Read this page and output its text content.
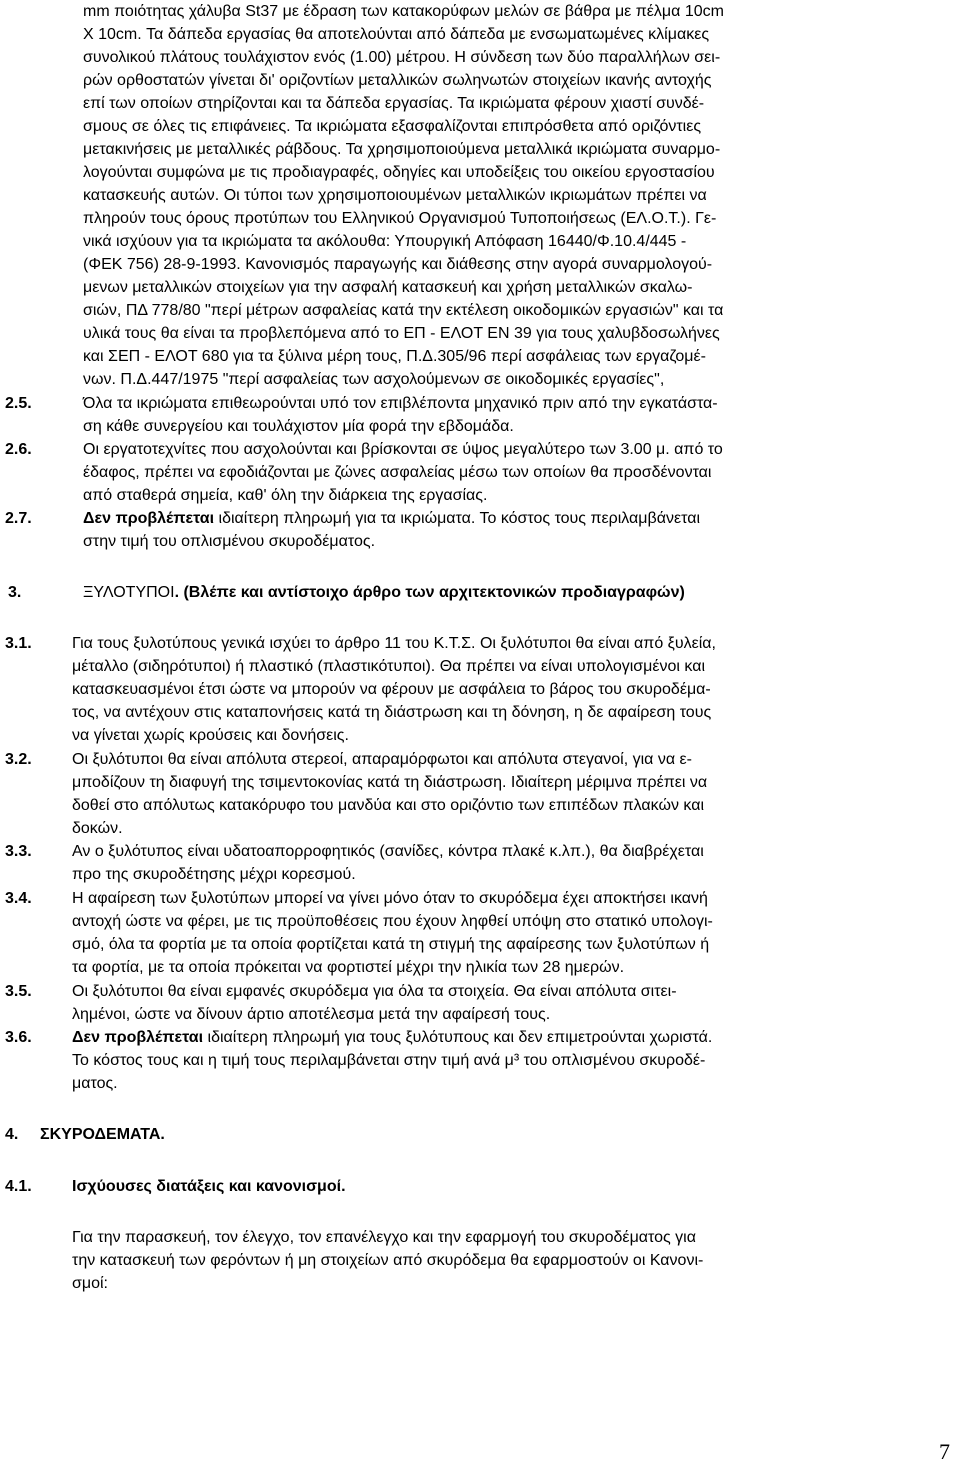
mm ποιότητας χάλυβα St37 με έδραση των κατακορύφων μελών σε βάθρα με πέλμα 10cm
X 10cm. Τα δάπεδα εργασίας θα αποτελούνται από δάπεδα με ενσωματωμένες κλίμακες
συνολικού πλάτους τουλάχιστον ενός (1.00) μέτρου. Η σύνδεση των δύο παραλλήλων σει-
ρών ορθοστατών γίνεται δι' οριζοντίων μεταλλικών σωληνωτών στοιχείων ικανής αντοχής
επί των οποίων στηρίζονται και τα δάπεδα εργασίας. Τα ικριώματα φέρουν χιαστί συνδέ-
σμους σε όλες τις επιφάνειες. Τα ικριώματα εξασφαλίζονται επιπρόσθετα από οριζόντιες
μετακινήσεις με μεταλλικές ράβδους. Τα χρησιμοποιούμενα μεταλλικά ικριώματα συναρμο-
λογούνται συμφώνα με τις προδιαγραφές, οδηγίες και υποδείξεις του οικείου εργοστασίου
κατασκευής αυτών. Οι τύποι των χρησιμοποιουμένων μεταλλικών ικριωμάτων πρέπει να
πληρούν τους όρους προτύπων του Ελληνικού Οργανισμού Τυποποιήσεως (ΕΛ.Ο.Τ.). Γε-
νικά ισχύουν για τα ικριώματα τα ακόλουθα: Υπουργική Απόφαση 16440/Φ.10.4/445 -
(ΦΕΚ 756) 28-9-1993. Κανονισμός παραγωγής και διάθεσης στην αγορά συναρμολογού-
μενων μεταλλικών στοιχείων για την ασφαλή κατασκευή και χρήση μεταλλικών σκαλω-
σιών, ΠΔ 778/80 "περί μέτρων ασφαλείας κατά την εκτέλεση οικοδομικών εργασιών" και τα
υλικά τους θα είναι τα προβλεπόμενα από το ΕΠ - ΕΛΟΤ ΕΝ 39 για τους χαλυβδοσωλήνες
και ΣΕΠ - ΕΛΟΤ 680 για τα ξύλινα μέρη τους, Π.Δ.305/96 περί ασφάλειας των εργαζομέ-
νων. Π.Δ.447/1975 "περί ασφαλείας των ασχολούμενων σε οικοδομικές εργασίες",
2.5.	Όλα τα ικριώματα επιθεωρούνται υπό τον επιβλέποντα μηχανικό πριν από την εγκατάστα-
ση κάθε συνεργείου και τουλάχιστον μία φορά την εβδομάδα.
2.6.	Οι εργατοτεχνίτες που ασχολούνται και βρίσκονται σε ύψος μεγαλύτερο των 3.00 μ. από το
έδαφος, πρέπει να εφοδιάζονται με ζώνες ασφαλείας μέσω των οποίων θα προσδένονται
από σταθερά σημεία, καθ' όλη την διάρκεια της εργασίας.
2.7.	Δεν προβλέπεται ιδιαίτερη πληρωμή για τα ικριώματα. Το κόστος τους περιλαμβάνεται
στην τιμή του οπλισμένου σκυροδέματος.
3.	ΞΥΛΟΤΥΠΟΙ. (Βλέπε και αντίστοιχο άρθρο των αρχιτεκτονικών προδιαγραφών)
3.1.	Για τους ξυλοτύπους γενικά ισχύει το άρθρο 11 του Κ.Τ.Σ. Οι ξυλότυποι θα είναι από ξυλεία,
μέταλλο (σιδηρότυποι) ή πλαστικό (πλαστικότυποι). Θα πρέπει να είναι υπολογισμένοι και
κατασκευασμένοι έτσι ώστε να μπορούν να φέρουν με ασφάλεια το βάρος του σκυροδέμα-
τος, να αντέχουν στις καταπονήσεις κατά τη διάστρωση και τη δόνηση, η δε αφαίρεση τους
να γίνεται χωρίς κρούσεις και δονήσεις.
3.2.	Οι ξυλότυποι θα είναι απόλυτα στερεοί, απαραμόρφωτοι και απόλυτα στεγανοί, για να ε-
μποδίζουν τη διαφυγή της τσιμεντοκονίας κατά τη διάστρωση. Ιδιαίτερη μέριμνα πρέπει να
δοθεί στο απόλυτως κατακόρυφο του μανδύα και στο οριζόντιο των επιπέδων πλακών και
δοκών.
3.3.	Αν ο ξυλότυπος είναι υδατοαπορροφητικός (σανίδες, κόντρα πλακέ κ.λπ.), θα διαβρέχεται
προ της σκυροδέτησης μέχρι κορεσμού.
3.4.	Η αφαίρεση των ξυλοτύπων μπορεί να γίνει μόνο όταν το σκυρόδεμα έχει αποκτήσει ικανή
αντοχή ώστε να φέρει, με τις προϋποθέσεις που έχουν ληφθεί υπόψη στο στατικό υπολογι-
σμό, όλα τα φορτία με τα οποία φορτίζεται κατά τη στιγμή της αφαίρεσης των ξυλοτύπων ή
τα φορτία, με τα οποία πρόκειται να φορτιστεί μέχρι την ηλικία των 28 ημερών.
3.5.	Οι ξυλότυποι θα είναι εμφανές σκυρόδεμα για όλα τα στοιχεία. Θα είναι απόλυτα σιτει-
λημένοι, ώστε να δίνουν άρτιο αποτέλεσμα μετά την αφαίρεσή τους.
3.6.	Δεν προβλέπεται ιδιαίτερη πληρωμή για τους ξυλότυπους και δεν επιμετρούνται χωριστά.
Το κόστος τους και η τιμή τους περιλαμβάνεται στην τιμή ανά μ³ του οπλισμένου σκυροδέ-
ματος.
4. ΣΚΥΡΟΔΕΜΑΤΑ.
4.1.	Ισχύουσες διατάξεις και κανονισμοί.
Για την παρασκευή, τον έλεγχο, τον επανέλεγχο και την εφαρμογή του σκυροδέματος για
την κατασκευή των φερόντων ή μη στοιχείων από σκυρόδεμα θα εφαρμοστούν οι Κανονι-
σμοί:
7
